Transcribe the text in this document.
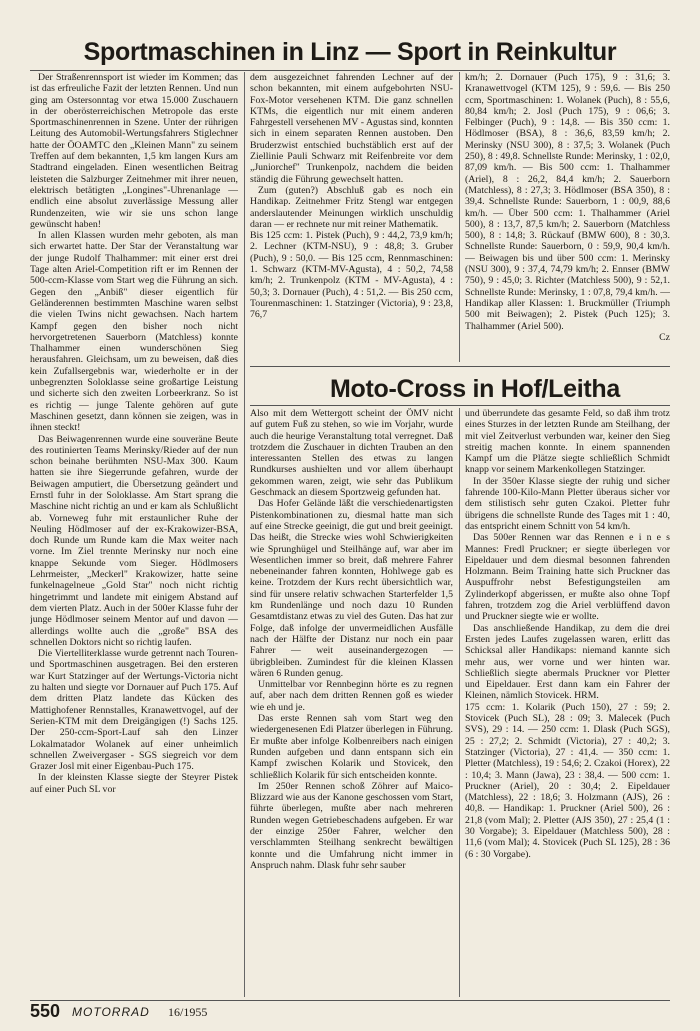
Sportmaschinen in Linz — Sport in Reinkultur

Der Straßenrennsport ist wieder im Kommen; das ist das erfreuliche Fazit der letzten Rennen. Und nun ging am Ostersonntag vor etwa 15.000 Zuschauern in der oberösterreichischen Metropole das erste Sportmaschinenrennen in Szene. Unter der rührigen Leitung des Automobil-Wertungsfahrers Stiglechner hatte der ÖOAMTC den „Kleinen Mann" zu seinem Treffen auf dem bekannten, 1,5 km langen Kurs am Stadtrand eingeladen. Einen wesentlichen Beitrag leisteten die Salzburger Zeitnehmer mit ihrer neuen, elektrisch betätigten „Longines"-Uhrenanlage — endlich eine absolut zuverlässige Messung aller Rundenzeiten, wie wir sie uns schon lange gewünscht haben!

In allen Klassen wurden mehr geboten, als man sich erwartet hatte. Der Star der Veranstaltung war der junge Rudolf Thalhammer: mit einer erst drei Tage alten Ariel-Competition rift er im Rennen der 500-ccm-Klasse vom Start weg die Führung an sich. Gegen den „Anbiß" dieser eigentlich für Geländerennen bestimmten Maschine waren selbst die vielen Twins nicht gewachsen. Nach hartem Kampf gegen den bisher noch nicht hervorgetretenen Sauerborn (Matchless) konnte Thalhammer einen wunderschönen Sieg herausfahren. Gleichsam, um zu beweisen, daß dies kein Zufallsergebnis war, wiederholte er in der unbegrenzten Soloklasse seine großartige Leistung und sicherte sich den zweiten Lorbeerkranz. So ist es richtig — junge Talente gehören auf gute Maschinen gesetzt, dann können sie zeigen, was in ihnen steckt!

Das Beiwagenrennen wurde eine souveräne Beute des routinierten Teams Merinsky/Rieder auf der nun schon beinahe berühmten NSU-Max 300. Kaum hatten sie ihre Siegerrunde gefahren, wurde der Beiwagen amputiert, die Übersetzung geändert und Ernstl fuhr in der Soloklasse. Am Start sprang die Maschine nicht richtig an und er kam als Schlußlicht ab. Vorneweg fuhr mit erstaunlicher Ruhe der Neuling Hödlmoser auf der ex-Krakowizer-BSA, doch Runde um Runde kam die Max weiter nach vorne. Im Ziel trennte Merinsky nur noch eine knappe Sekunde vom Sieger. Hödlmosers Lehrmeister, „Meckerl" Krakowizer, hatte seine funkelnagelneue „Gold Star" noch nicht richtig hingetrimmt und landete mit einigem Abstand auf dem vierten Platz. Auch in der 500er Klasse fuhr der junge Hödlmoser seinem Mentor auf und davon — allerdings wollte auch die „große" BSA des schnellen Doktors nicht so richtig laufen.

Die Viertelliterklasse wurde getrennt nach Touren- und Sportmaschinen ausgetragen. Bei den ersteren war Kurt Statzinger auf der Wertungs-Victoria nicht zu halten und siegte vor Dornauer auf Puch 175. Auf dem dritten Platz landete das Kücken des Mattighofener Rennstalles, Kranawettvogel, auf der Serien-KTM mit dem Dreigängigen (!) Sachs 125. Der 250-ccm-Sport-Lauf sah den Linzer Lokalmatador Wolanek auf einer unheimlich schnellen Zweivergaser - SGS siegreich vor dem Grazer Josl mit einer Eigenbau-Puch 175.

In der kleinsten Klasse siegte der Steyrer Pistek auf einer Puch SL vor

dem ausgezeichnet fahrenden Lechner auf der schon bekannten, mit einem aufgebohrten NSU-Fox-Motor versehenen KTM. Die ganz schnellen KTMs, die eigentlich nur mit einem anderen Fahrgestell versehenen MV - Agustas sind, konnten sich in einem separaten Rennen austoben. Den Bruderzwist entschied buchstäblich erst auf der Ziellinie Pauli Schwarz mit Reifenbreite vor dem „Juniorchef" Trunkenpolz, nachdem die beiden ständig die Führung gewechselt hatten.

Zum (guten?) Abschluß gab es noch ein Handikap. Zeitnehmer Fritz Stengl war entgegen anderslautender Meinungen wirklich unschuldig daran — er rechnete nur mit reiner Mathematik.

Bis 125 ccm: 1. Pistek (Puch), 9 : 44,2, 73,9 km/h; 2. Lechner (KTM-NSU), 9 : 48,8; 3. Gruber (Puch), 9 : 50,0. — Bis 125 ccm, Rennmaschinen: 1. Schwarz (KTM-MV-Agusta), 4 : 50,2, 74,58 km/h; 2. Trunkenpolz (KTM - MV-Agusta), 4 : 50,3; 3. Dornauer (Puch), 4 : 51,2. — Bis 250 ccm, Tourenmaschinen: 1. Statzinger (Victoria), 9 : 23,8, 76,7

km/h; 2. Dornauer (Puch 175), 9 : 31,6; 3. Kranawettvogel (KTM 125), 9 : 59,6. — Bis 250 ccm, Sportmaschinen: 1. Wolanek (Puch), 8 : 55,6, 80,84 km/h; 2. Josl (Puch 175), 9 : 06,6; 3. Felbinger (Puch), 9 : 14,8. — Bis 350 ccm: 1. Hödlmoser (BSA), 8 : 36,6, 83,59 km/h; 2. Merinsky (NSU 300), 8 : 37,5; 3. Wolanek (Puch 250), 8 : 49,8. Schnellste Runde: Merinsky, 1 : 02,0, 87,09 km/h. — Bis 500 ccm: 1. Thalhammer (Ariel), 8 : 26,2, 84,4 km/h; 2. Sauerborn (Matchless), 8 : 27,3; 3. Hödlmoser (BSA 350), 8 : 39,4. Schnellste Runde: Sauerborn, 1 : 00,9, 88,6 km/h. — Über 500 ccm: 1. Thalhammer (Ariel 500), 8 : 13,7, 87,5 km/h; 2. Sauerborn (Matchless 500), 8 : 14,8; 3. Rückauf (BMW 600), 8 : 30,3. Schnellste Runde: Sauerborn, 0 : 59,9, 90,4 km/h. — Beiwagen bis und über 500 ccm: 1. Merinsky (NSU 300), 9 : 37,4, 74,79 km/h; 2. Ennser (BMW 750), 9 : 45,0; 3. Richter (Matchless 500), 9 : 52,1. Schnellste Runde: Merinsky, 1 : 07,8, 79,4 km/h. — Handikap aller Klassen: 1. Bruckmüller (Triumph 500 mit Beiwagen); 2. Pistek (Puch 125); 3. Thalhammer (Ariel 500).

Cz
Moto-Cross in Hof/Leitha

Also mit dem Wettergott scheint der ÖMV nicht auf gutem Fuß zu stehen, so wie im Vorjahr, wurde auch die heurige Veranstaltung total verregnet. Daß trotzdem die Zuschauer in dichten Trauben an den interessanten Stellen des etwas zu langen Rundkurses aushielten und vor allem überhaupt gekommen waren, zeigt, wie sehr das Publikum Geschmack an diesem Sportzweig gefunden hat.

Das Hofer Gelände läßt die verschiedenartigsten Pistenkombinationen zu, diesmal hatte man sich auf eine Strecke geeinigt, die gut und breit geeinigt. Das heißt, die Strecke wies wohl Schwierigkeiten wie Sprunghügel und Steilhänge auf, war aber im Wesentlichen immer so breit, daß mehrere Fahrer nebeneinander fahren konnten, Hohlwege gab es keine. Trotzdem der Kurs recht übersichtlich war, sind für unsere relativ schwachen Starterfelder 1,5 km Rundenlänge und noch dazu 10 Runden Gesamtdistanz etwas zu viel des Guten. Das hat zur Folge, daß infolge der unvermeidlichen Ausfälle nach der Hälfte der Distanz nur noch ein paar Fahrer — weit auseinandergezogen — übrigbleiben. Zumindest für die kleinen Klassen wären 6 Runden genug.

Unmittelbar vor Rennbeginn hörte es zu regnen auf, aber nach dem dritten Rennen goß es wieder wie eh und je.

Das erste Rennen sah vom Start weg den wiedergenesenen Edi Platzer überlegen in Führung. Er mußte aber infolge Kolbenreibers nach einigen Runden aufgeben und dann entspann sich ein Kampf zwischen Kolarik und Stovicek, den schließlich Kolarik für sich entscheiden konnte.

Im 250er Rennen schoß Zöhrer auf Maico-Blizzard wie aus der Kanone geschossen vom Start, führte überlegen, mußte aber nach mehreren Runden wegen Getriebeschadens aufgeben. Er war der einzige 250er Fahrer, welcher den verschlammten Steilhang senkrecht bewältigen konnte und die Umfahrung nicht immer in Anspruch nahm. Dlask fuhr sehr sauber

und überrundete das gesamte Feld, so daß ihm trotz eines Sturzes in der letzten Runde am Steilhang, der mit viel Zeitverlust verbunden war, keiner den Sieg streitig machen konnte. In einem spannenden Kampf um die Plätze siegte schließlich Schmidt knapp vor seinem Markenkollegen Statzinger.

In der 350er Klasse siegte der ruhig und sicher fahrende 100-Kilo-Mann Pletter überaus sicher vor dem stilistisch sehr guten Czakoi. Pletter fuhr übrigens die schnellste Runde des Tages mit 1 : 40, das entspricht einem Schnitt von 54 km/h.

Das 500er Rennen war das Rennen e i n e s Mannes: Fredl Pruckner; er siegte überlegen vor Eipeldauer und dem diesmal besonnen fahrenden Holzmann. Beim Training hatte sich Pruckner das Auspuffrohr nebst Befestigungsteilen am Zylinderkopf abgerissen, er mußte also ohne Topf fahren, trotzdem zog die Ariel verblüffend davon und Pruckner siegte wie er wollte.

Das anschließende Handikap, zu dem die drei Ersten jedes Laufes zugelassen waren, erlitt das Schicksal aller Handikaps: niemand kannte sich mehr aus, wer vorne und wer hinten war. Schließlich siegte abermals Pruckner vor Pletter und Eipeldauer. Erst dann kam ein Fahrer der Kleinen, nämlich Stovicek. HRM.

175 ccm: 1. Kolarik (Puch 150), 27 : 59; 2. Stovicek (Puch SL), 28 : 09; 3. Malecek (Puch SVS), 29 : 14. — 250 ccm: 1. Dlask (Puch SGS), 25 : 27,2; 2. Schmidt (Victoria), 27 : 40,2; 3. Statzinger (Victoria), 27 : 41,4. — 350 ccm: 1. Pletter (Matchless), 19 : 54,6; 2. Czakoi (Horex), 22 : 10,4; 3. Mann (Jawa), 23 : 38,4. — 500 ccm: 1. Pruckner (Ariel), 20 : 30,4; 2. Eipeldauer (Matchless), 22 : 18,6; 3. Holzmann (AJS), 26 : 40,8. — Handikap: 1. Pruckner (Ariel 500), 26 : 21,8 (vom Mal); 2. Pletter (AJS 350), 27 : 25,4 (1 : 30 Vorgabe); 3. Eipeldauer (Matchless 500), 28 : 11,6 (vom Mal); 4. Stovicek (Puch SL 125), 28 : 36 (6 : 30 Vorgabe).

550 MOTORRAD 16/1955
